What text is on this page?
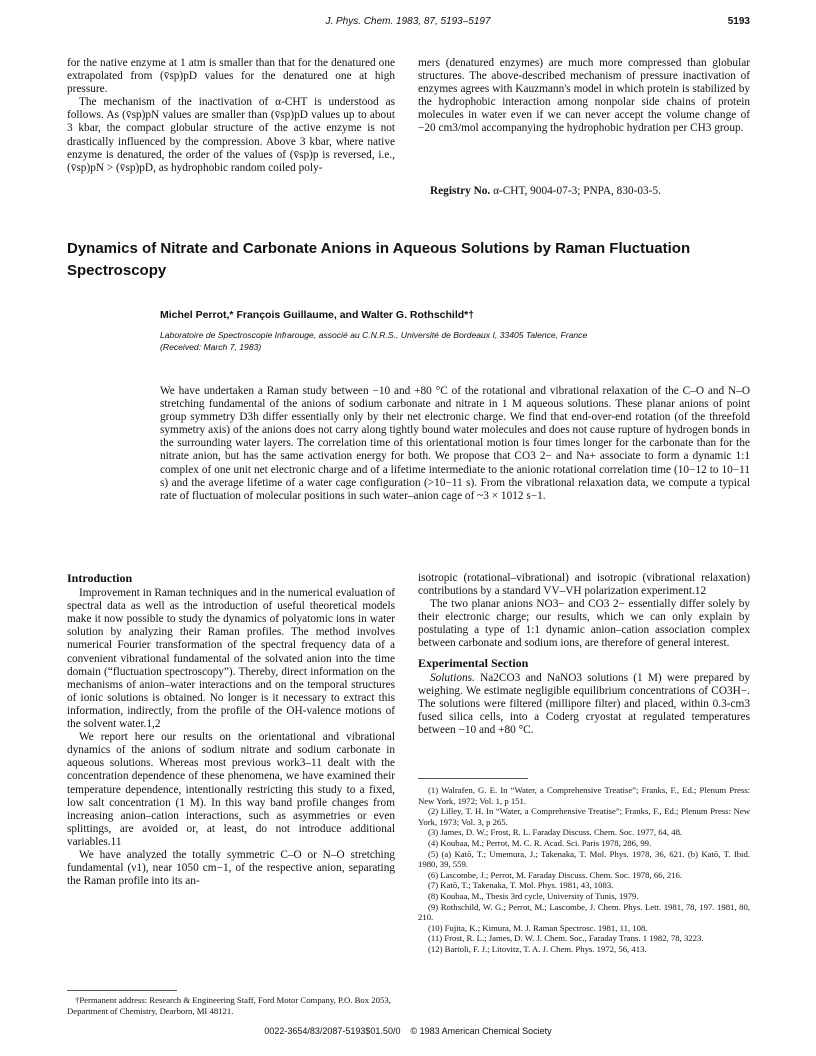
J. Phys. Chem. 1983, 87, 5193–5197	5193

for the native enzyme at 1 atm is smaller than that for the denatured one extrapolated from (v̄sp)pD values for the denatured one at high pressure.

The mechanism of the inactivation of α-CHT is understood as follows. As (v̄sp)pN values are smaller than (v̄sp)pD values up to about 3 kbar, the compact globular structure of the active enzyme is not drastically influenced by the compression. Above 3 kbar, where native enzyme is denatured, the order of the values of (v̄sp)p is reversed, i.e., (v̄sp)pN > (v̄sp)pD, as hydrophobic random coiled poly-

mers (denatured enzymes) are much more compressed than globular structures. The above-described mechanism of pressure inactivation of enzymes agrees with Kauzmann's model in which protein is stabilized by the hydrophobic interaction among nonpolar side chains of protein molecules in water even if we can never accept the volume change of −20 cm3/mol accompanying the hydrophobic hydration per CH3 group.

Registry No. α-CHT, 9004-07-3; PNPA, 830-03-5.
Dynamics of Nitrate and Carbonate Anions in Aqueous Solutions by Raman Fluctuation Spectroscopy
Michel Perrot,* François Guillaume, and Walter G. Rothschild*†
Laboratoire de Spectroscopie Infrarouge, associé au C.N.R.S., Université de Bordeaux I, 33405 Talence, France
(Received: March 7, 1983)
We have undertaken a Raman study between −10 and +80 °C of the rotational and vibrational relaxation of the C–O and N–O stretching fundamental of the anions of sodium carbonate and nitrate in 1 M aqueous solutions. These planar anions of point group symmetry D3h differ essentially only by their net electronic charge. We find that end-over-end rotation (of the threefold symmetry axis) of the anions does not carry along tightly bound water molecules and does not cause rupture of hydrogen bonds in the surrounding water layers. The correlation time of this orientational motion is four times longer for the carbonate than for the nitrate anion, but has the same activation energy for both. We propose that CO3 2− and Na+ associate to form a dynamic 1:1 complex of one unit net electronic charge and of a lifetime intermediate to the anionic rotational correlation time (10−12 to 10−11 s) and the average lifetime of a water cage configuration (>10−11 s). From the vibrational relaxation data, we compute a typical rate of fluctuation of molecular positions in such water–anion cage of ~3 × 1012 s−1.
Introduction

Improvement in Raman techniques and in the numerical evaluation of spectral data as well as the introduction of useful theoretical models make it now possible to study the dynamics of polyatomic ions in water solution by analyzing their Raman profiles. The method involves numerical Fourier transformation of the spectral frequency data of a convenient vibrational fundamental of the solvated anion into the time domain (“fluctuation spectroscopy”). Thereby, direct information on the mechanisms of anion–water interactions and on the temporal structures of ionic solutions is obtained. No longer is it necessary to extract this information, indirectly, from the profile of the OH-valence motions of the solvent water.1,2

We report here our results on the orientational and vibrational dynamics of the anions of sodium nitrate and sodium carbonate in aqueous solutions. Whereas most previous work3–11 dealt with the concentration dependence of these phenomena, we have examined their temperature dependence, intentionally restricting this study to a fixed, low salt concentration (1 M). In this way band profile changes from increasing anion–cation interactions, such as asymmetries or even splittings, are avoided or, at least, do not introduce additional variables.11

We have analyzed the totally symmetric C–O or N–O stretching fundamental (ν1), near 1050 cm−1, of the respective anion, separating the Raman profile into its an-

isotropic (rotational–vibrational) and isotropic (vibrational relaxation) contributions by a standard VV–VH polarization experiment.12

The two planar anions NO3− and CO3 2− essentially differ solely by their electronic charge; our results, which we can only explain by postulating a type of 1:1 dynamic anion–cation association complex between carbonate and sodium ions, are therefore of general interest.

Experimental Section

Solutions. Na2CO3 and NaNO3 solutions (1 M) were prepared by weighing. We estimate negligible equilibrium concentrations of CO3H−. The solutions were filtered (millipore filter) and placed, within 0.3-cm3 fused silica cells, into a Coderg cryostat at regulated temperatures between −10 and +80 °C.

(1) Walrafen, G. E. In “Water, a Comprehensive Treatise”; Franks, F., Ed.; Plenum Press: New York, 1972; Vol. 1, p 151.
(2) Lilley, T. H. In “Water, a Comprehensive Treatise”; Franks, F., Ed.; Plenum Press: New York, 1973; Vol. 3, p 265.
(3) James, D. W.; Frost, R. L. Faraday Discuss. Chem. Soc. 1977, 64, 48.
(4) Koubaa, M.; Perrot, M. C. R. Acad. Sci. Paris 1978, 286, 99.
(5) (a) Katō, T.; Umemura, J.; Takenaka, T. Mol. Phys. 1978, 36, 621. (b) Katō, T. Ibid. 1980, 39, 559.
(6) Lascombe, J.; Perrot, M. Faraday Discuss. Chem. Soc. 1978, 66, 216.
(7) Katō, T.; Takenaka, T. Mol. Phys. 1981, 43, 1083.
(8) Koubaa, M., Thesis 3rd cycle, University of Tunis, 1979.
(9) Rothschild, W. G.; Perrot, M.; Lascombe, J. Chem. Phys. Lett. 1981, 78, 197. 1981, 80, 210.
(10) Fujita, K.; Kimura, M. J. Raman Spectrosc. 1981, 11, 108.
(11) Frost, R. L.; James, D. W. J. Chem. Soc., Faraday Trans. 1 1982, 78, 3223.
(12) Bartoli, F. J.; Litovitz, T. A. J. Chem. Phys. 1972, 56, 413.

†Permanent address: Research & Engineering Staff, Ford Motor Company, P.O. Box 2053, Department of Chemistry, Dearborn, MI 48121.

0022-3654/83/2087-5193$01.50/0 © 1983 American Chemical Society
